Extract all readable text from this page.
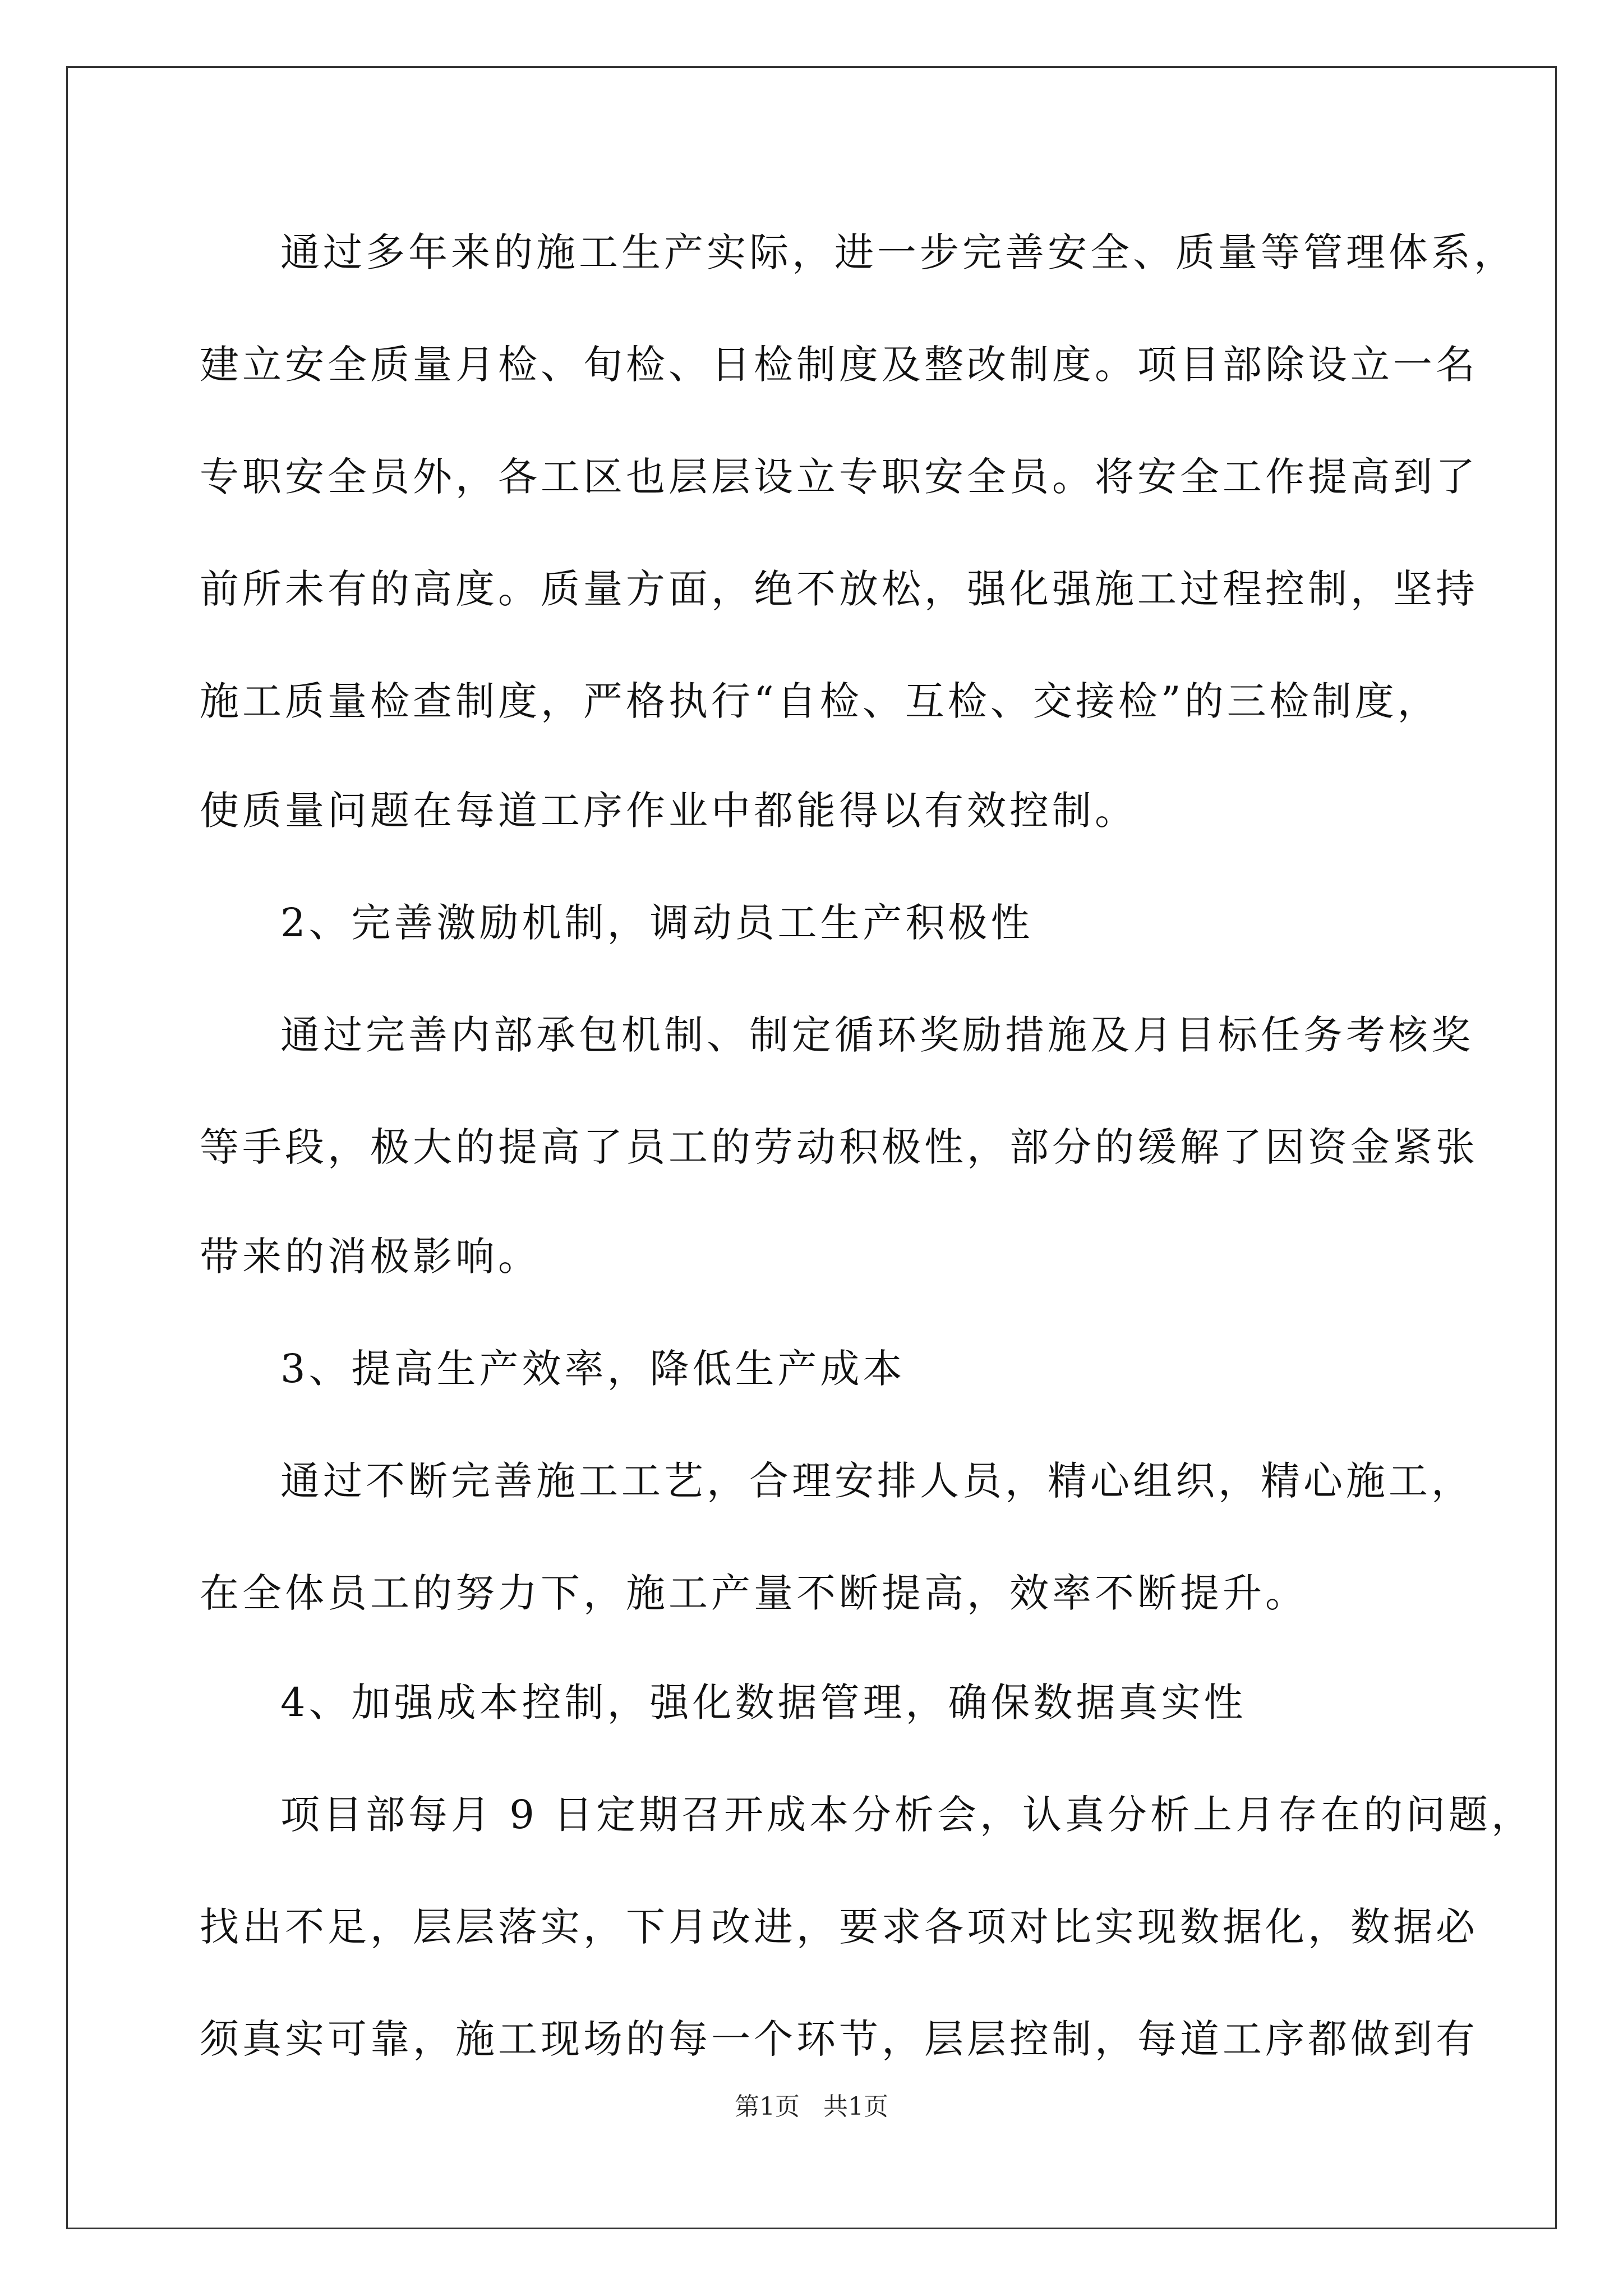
通过多年来的施工生产实际，进一步完善安全、质量等管理体系，
建立安全质量月检、旬检、日检制度及整改制度。项目部除设立一名
专职安全员外，各工区也层层设立专职安全员。将安全工作提高到了
前所未有的高度。质量方面，绝不放松，强化强施工过程控制，坚持
施工质量检查制度，严格执行“自检、互检、交接检”的三检制度，
使质量问题在每道工序作业中都能得以有效控制。
2、完善激励机制，调动员工生产积极性
通过完善内部承包机制、制定循环奖励措施及月目标任务考核奖
等手段，极大的提高了员工的劳动积极性，部分的缓解了因资金紧张
带来的消极影响。
3、提高生产效率，降低生产成本
通过不断完善施工工艺，合理安排人员，精心组织，精心施工，
在全体员工的努力下，施工产量不断提高，效率不断提升。
4、加强成本控制，强化数据管理，确保数据真实性
项目部每月 9 日定期召开成本分析会，认真分析上月存在的问题，
找出不足，层层落实，下月改进，要求各项对比实现数据化，数据必
须真实可靠，施工现场的每一个环节，层层控制，每道工序都做到有
第1页   共1页
